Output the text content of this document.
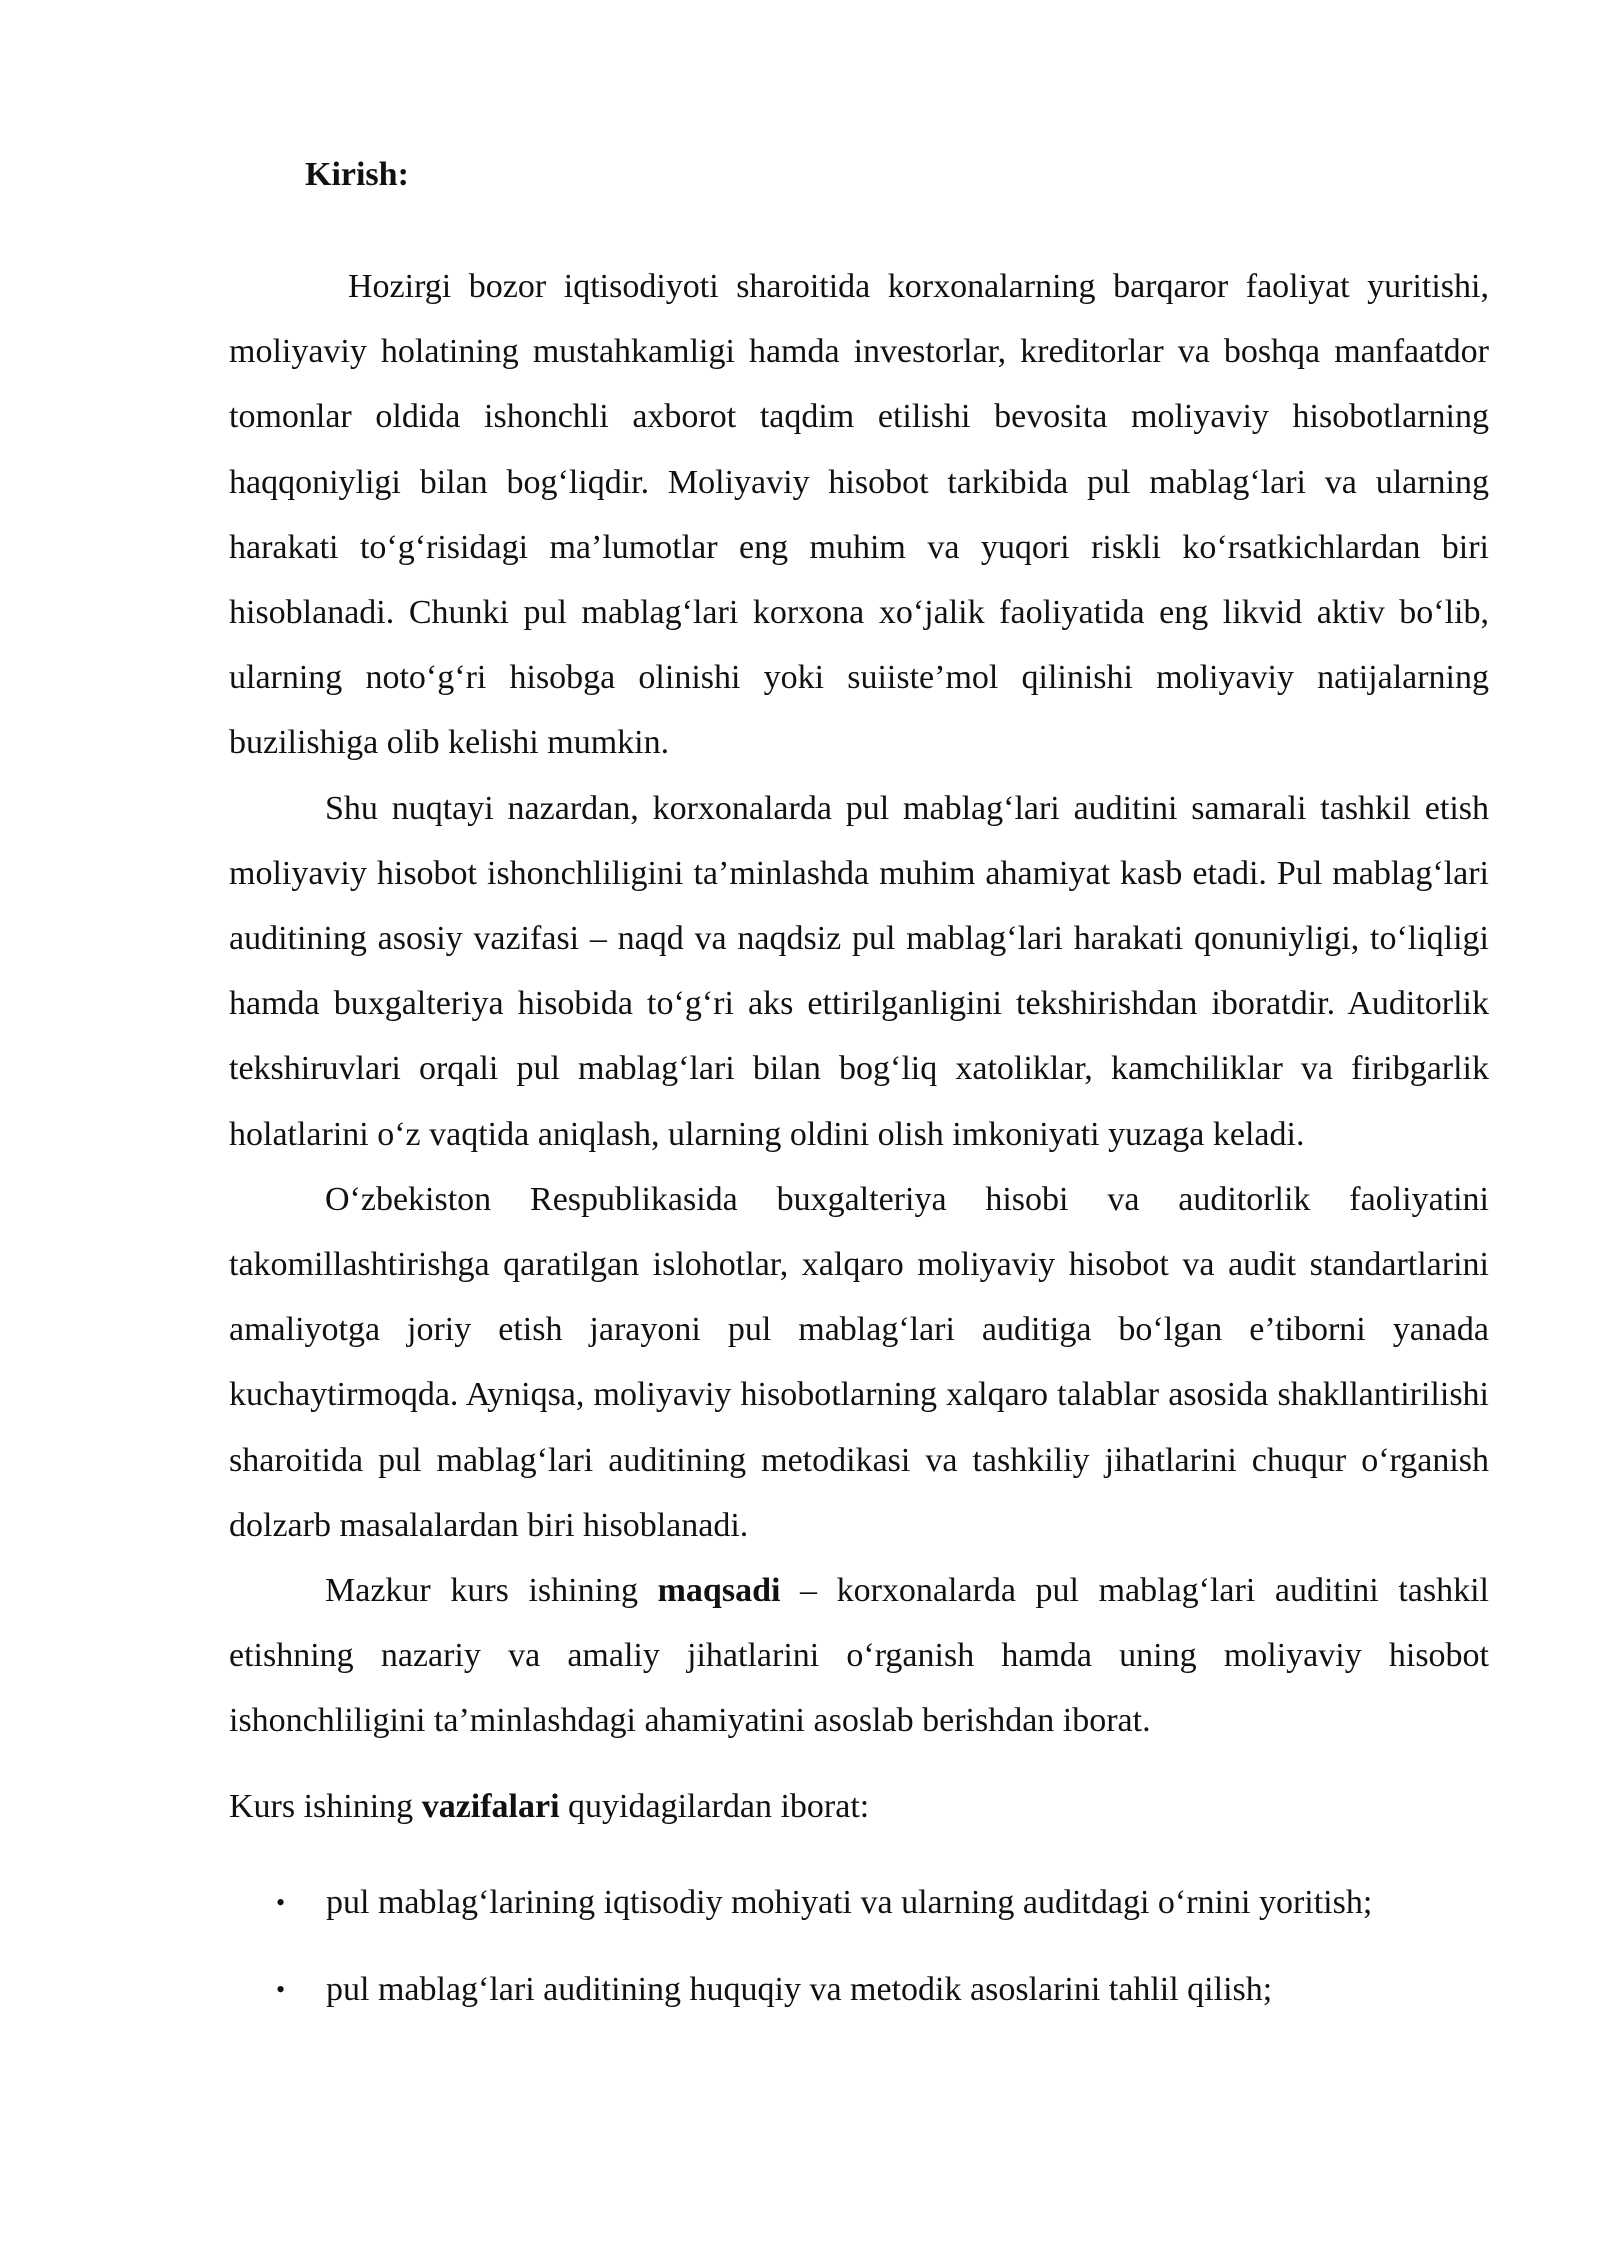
Kirish:

Hozirgi bozor iqtisodiyoti sharoitida korxonalarning barqaror faoliyat yuritishi, moliyaviy holatining mustahkamligi hamda investorlar, kreditorlar va boshqa manfaatdor tomonlar oldida ishonchli axborot taqdim etilishi bevosita moliyaviy hisobotlarning haqqoniyligi bilan bog‘liqdir. Moliyaviy hisobot tarkibida pul mablag‘lari va ularning harakati to‘g‘risidagi ma’lumotlar eng muhim va yuqori riskli ko‘rsatkichlardan biri hisoblanadi. Chunki pul mablag‘lari korxona xo‘jalik faoliyatida eng likvid aktiv bo‘lib, ularning noto‘g‘ri hisobga olinishi yoki suiiste’mol qilinishi moliyaviy natijalarning buzilishiga olib kelishi mumkin.

Shu nuqtayi nazardan, korxonalarda pul mablag‘lari auditini samarali tashkil etish moliyaviy hisobot ishonchliligini ta’minlashda muhim ahamiyat kasb etadi. Pul mablag‘lari auditining asosiy vazifasi – naqd va naqdsiz pul mablag‘lari harakati qonuniyligi, to‘liqligi hamda buxgalteriya hisobida to‘g‘ri aks ettirilganligini tekshirishdan iboratdir. Auditorlik tekshiruvlari orqali pul mablag‘lari bilan bog‘liq xatoliklar, kamchiliklar va firibgarlik holatlarini o‘z vaqtida aniqlash, ularning oldini olish imkoniyati yuzaga keladi.

O‘zbekiston Respublikasida buxgalteriya hisobi va auditorlik faoliyatini takomillashtirishga qaratilgan islohotlar, xalqaro moliyaviy hisobot va audit standartlarini amaliyotga joriy etish jarayoni pul mablag‘lari auditiga bo‘lgan e’tiborni yanada kuchaytirmoqda. Ayniqsa, moliyaviy hisobotlarning xalqaro talablar asosida shakllantirilishi sharoitida pul mablag‘lari auditining metodikasi va tashkiliy jihatlarini chuqur o‘rganish dolzarb masalalardan biri hisoblanadi.

Mazkur kurs ishining maqsadi – korxonalarda pul mablag‘lari auditini tashkil etishning nazariy va amaliy jihatlarini o‘rganish hamda uning moliyaviy hisobot ishonchliligini ta’minlashdagi ahamiyatini asoslab berishdan iborat.

Kurs ishining vazifalari quyidagilardan iborat:

• pul mablag‘larining iqtisodiy mohiyati va ularning auditdagi o‘rnini yoritish;
• pul mablag‘lari auditining huquqiy va metodik asoslarini tahlil qilish;
